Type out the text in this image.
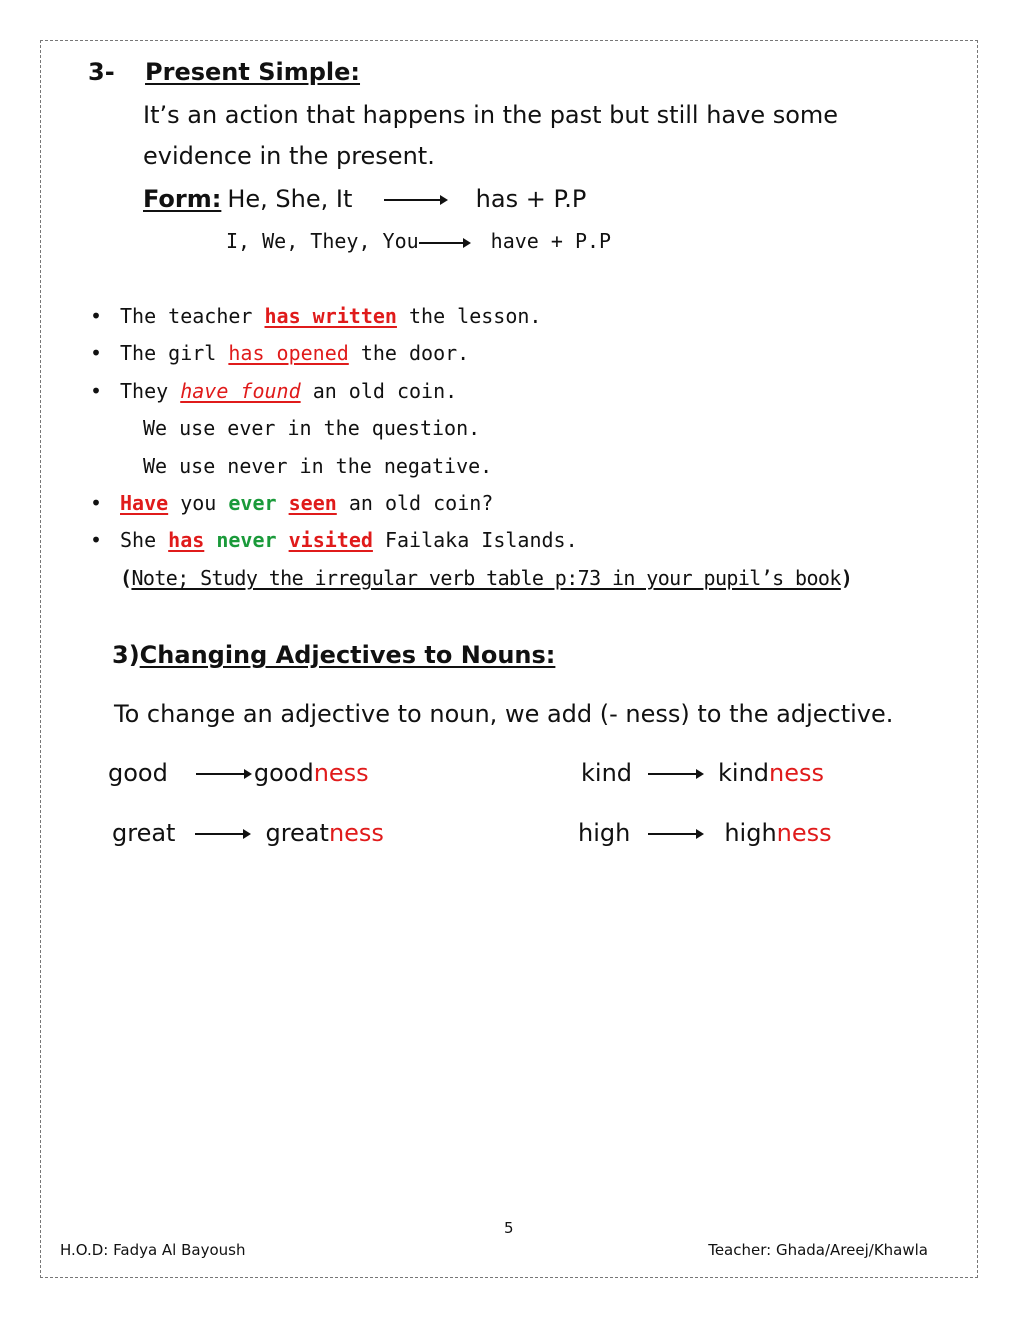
3- Present Simple:
It’s an action that happens in the past but still have some
evidence in the present.
Form: He, She, It	has + P.P
I, We, They, You	have + P.P
• The teacher has written the lesson.
• The girl has opened the door.
• They have found an old coin.
We use ever in the question.
We use never in the negative.
• Have you ever seen an old coin?
• She has never visited Failaka Islands.
(Note; Study the irregular verb table p:73 in your pupil’s book)
3)Changing Adjectives to Nouns:
To change an adjective to noun, we add (- ness) to the adjective.
good	goodness	kind	kindness
great	greatness	high	highness
5
H.O.D: Fadya Al Bayoush	Teacher: Ghada/Areej/Khawla
